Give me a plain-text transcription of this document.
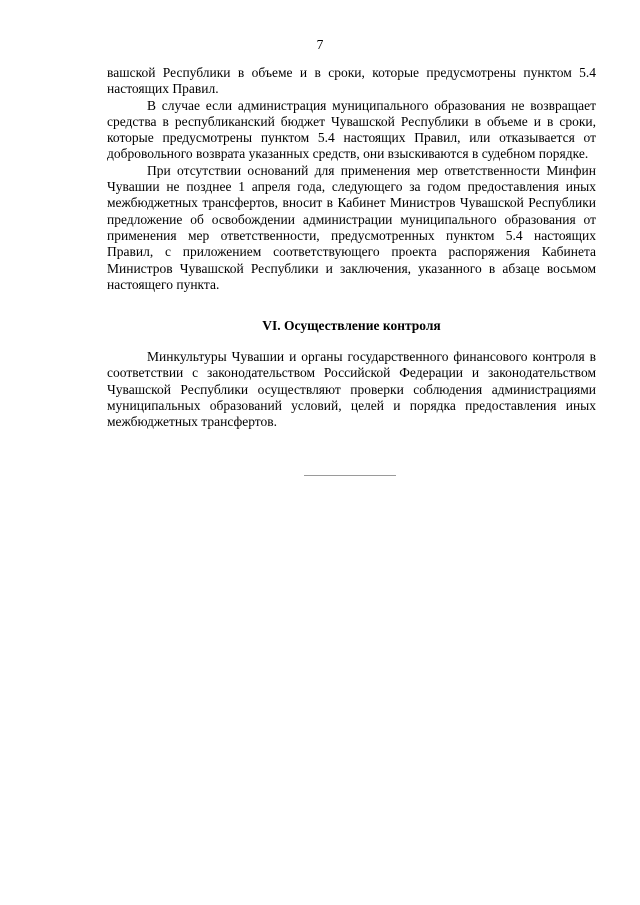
7

вашской Республики в объеме и в сроки, которые предусмотрены пунктом 5.4 настоящих Правил.

В случае если администрация муниципального образования не возвращает средства в республиканский бюджет Чувашской Республики в объеме и в сроки, которые предусмотрены пунктом 5.4 настоящих Правил, или отказывается от добровольного возврата указанных средств, они взыскиваются в судебном порядке.

При отсутствии оснований для применения мер ответственности Минфин Чувашии не позднее 1 апреля года, следующего за годом предоставления иных межбюджетных трансфертов, вносит в Кабинет Министров Чувашской Республики предложение об освобождении администрации муниципального образования от применения мер ответственности, предусмотренных пунктом 5.4 настоящих Правил, с приложением соответствующего проекта распоряжения Кабинета Министров Чувашской Республики и заключения, указанного в абзаце восьмом настоящего пункта.

VI. Осуществление контроля

Минкультуры Чувашии и органы государственного финансового контроля в соответствии с законодательством Российской Федерации и законодательством Чувашской Республики осуществляют проверки соблюдения администрациями муниципальных образований условий, целей и порядка предоставления иных межбюджетных трансфертов.
